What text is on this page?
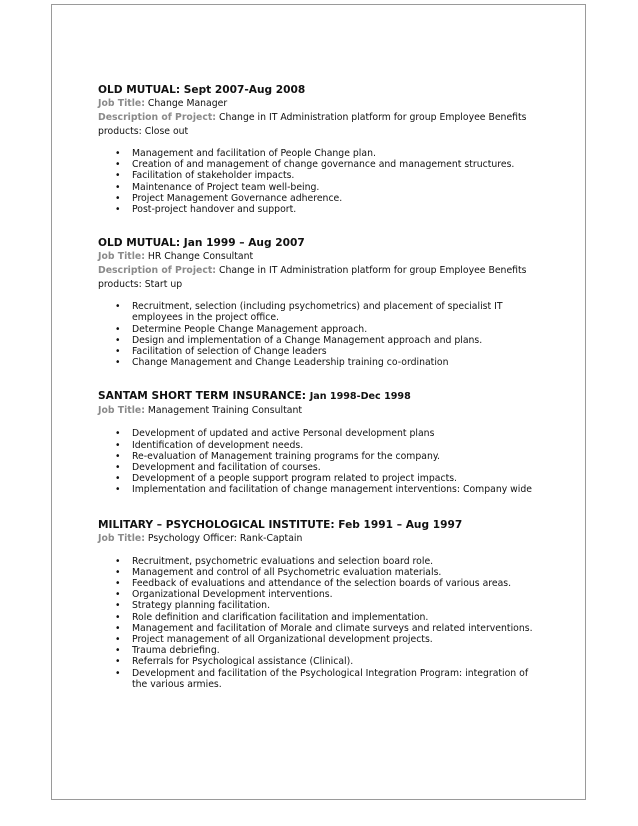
OLD MUTUAL: Sept 2007-Aug 2008
Job Title: Change Manager
Description of Project: Change in IT Administration platform for group Employee Benefits
products: Close out
• Management and facilitation of People Change plan.
• Creation of and management of change governance and management structures.
• Facilitation of stakeholder impacts.
• Maintenance of Project team well-being.
• Project Management Governance adherence.
• Post-project handover and support.
OLD MUTUAL: Jan 1999 – Aug 2007
Job Title: HR Change Consultant
Description of Project: Change in IT Administration platform for group Employee Benefits
products: Start up
• Recruitment, selection (including psychometrics) and placement of specialist IT
employees in the project office.
• Determine People Change Management approach.
• Design and implementation of a Change Management approach and plans.
• Facilitation of selection of Change leaders
• Change Management and Change Leadership training co-ordination
SANTAM SHORT TERM INSURANCE: Jan 1998-Dec 1998
Job Title: Management Training Consultant
• Development of updated and active Personal development plans
• Identification of development needs.
• Re-evaluation of Management training programs for the company.
• Development and facilitation of courses.
• Development of a people support program related to project impacts.
• Implementation and facilitation of change management interventions: Company wide
MILITARY – PSYCHOLOGICAL INSTITUTE: Feb 1991 – Aug 1997
Job Title: Psychology Officer: Rank-Captain
• Recruitment, psychometric evaluations and selection board role.
• Management and control of all Psychometric evaluation materials.
• Feedback of evaluations and attendance of the selection boards of various areas.
• Organizational Development interventions.
• Strategy planning facilitation.
• Role definition and clarification facilitation and implementation.
• Management and facilitation of Morale and climate surveys and related interventions.
• Project management of all Organizational development projects.
• Trauma debriefing.
• Referrals for Psychological assistance (Clinical).
• Development and facilitation of the Psychological Integration Program: integration of
the various armies.
